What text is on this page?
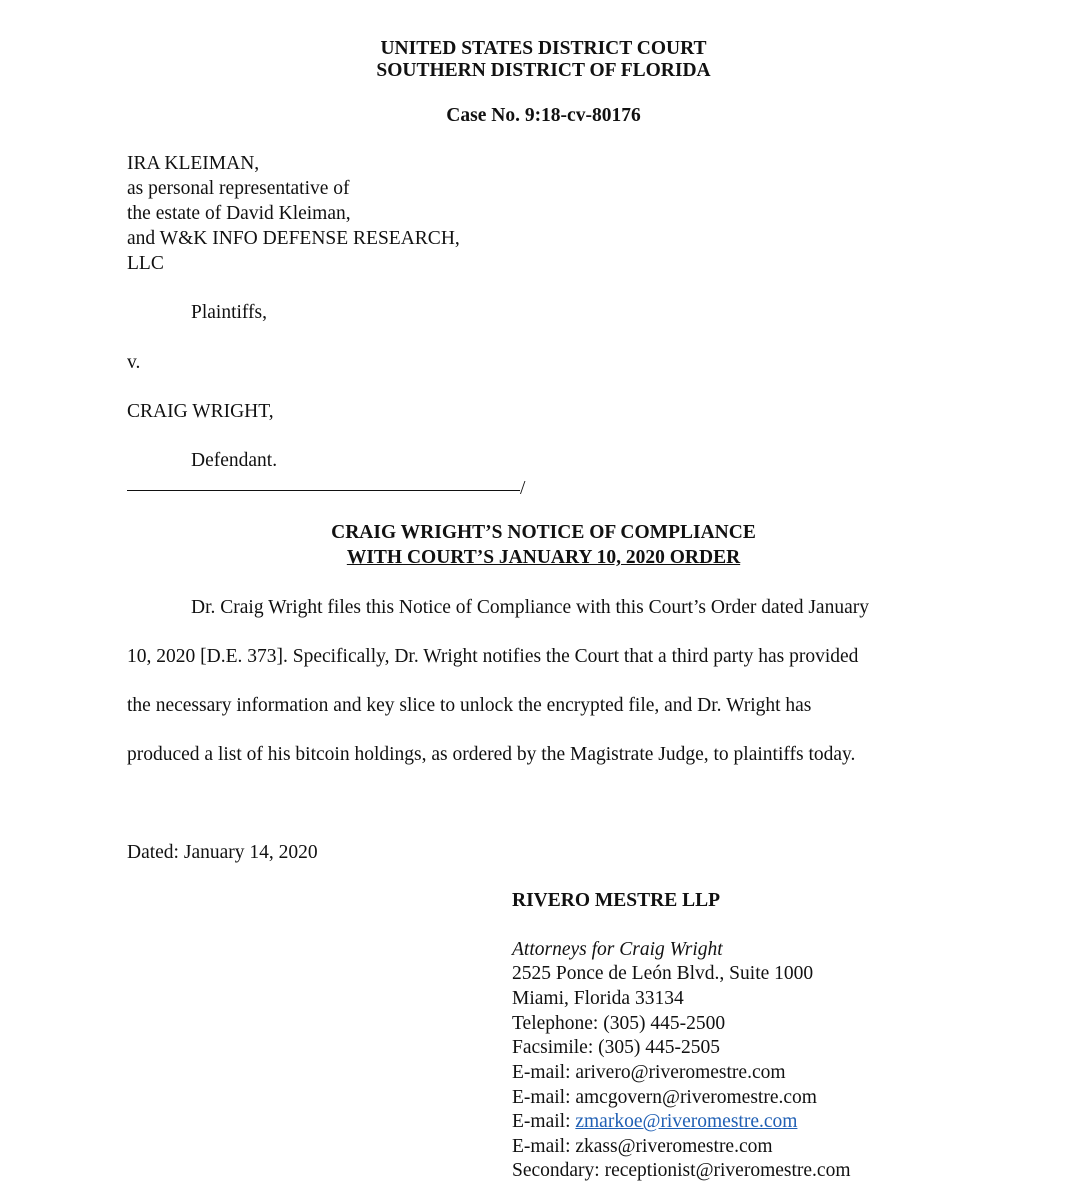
UNITED STATES DISTRICT COURT
SOUTHERN DISTRICT OF FLORIDA
Case No. 9:18-cv-80176
IRA KLEIMAN,
as personal representative of
the estate of David Kleiman,
and W&K INFO DEFENSE RESEARCH,
LLC
Plaintiffs,
v.
CRAIG WRIGHT,
Defendant.
/
CRAIG WRIGHT’S NOTICE OF COMPLIANCE
WITH COURT’S JANUARY 10, 2020 ORDER
Dr. Craig Wright files this Notice of Compliance with this Court’s Order dated January
10, 2020 [D.E. 373]. Specifically, Dr. Wright notifies the Court that a third party has provided
the necessary information and key slice to unlock the encrypted file, and Dr. Wright has
produced a list of his bitcoin holdings, as ordered by the Magistrate Judge, to plaintiffs today.
Dated: January 14, 2020
RIVERO MESTRE LLP
Attorneys for Craig Wright
2525 Ponce de León Blvd., Suite 1000
Miami, Florida 33134
Telephone: (305) 445-2500
Facsimile: (305) 445-2505
E-mail: arivero@riveromestre.com
E-mail: amcgovern@riveromestre.com
E-mail: zmarkoe@riveromestre.com
E-mail: zkass@riveromestre.com
Secondary: receptionist@riveromestre.com
